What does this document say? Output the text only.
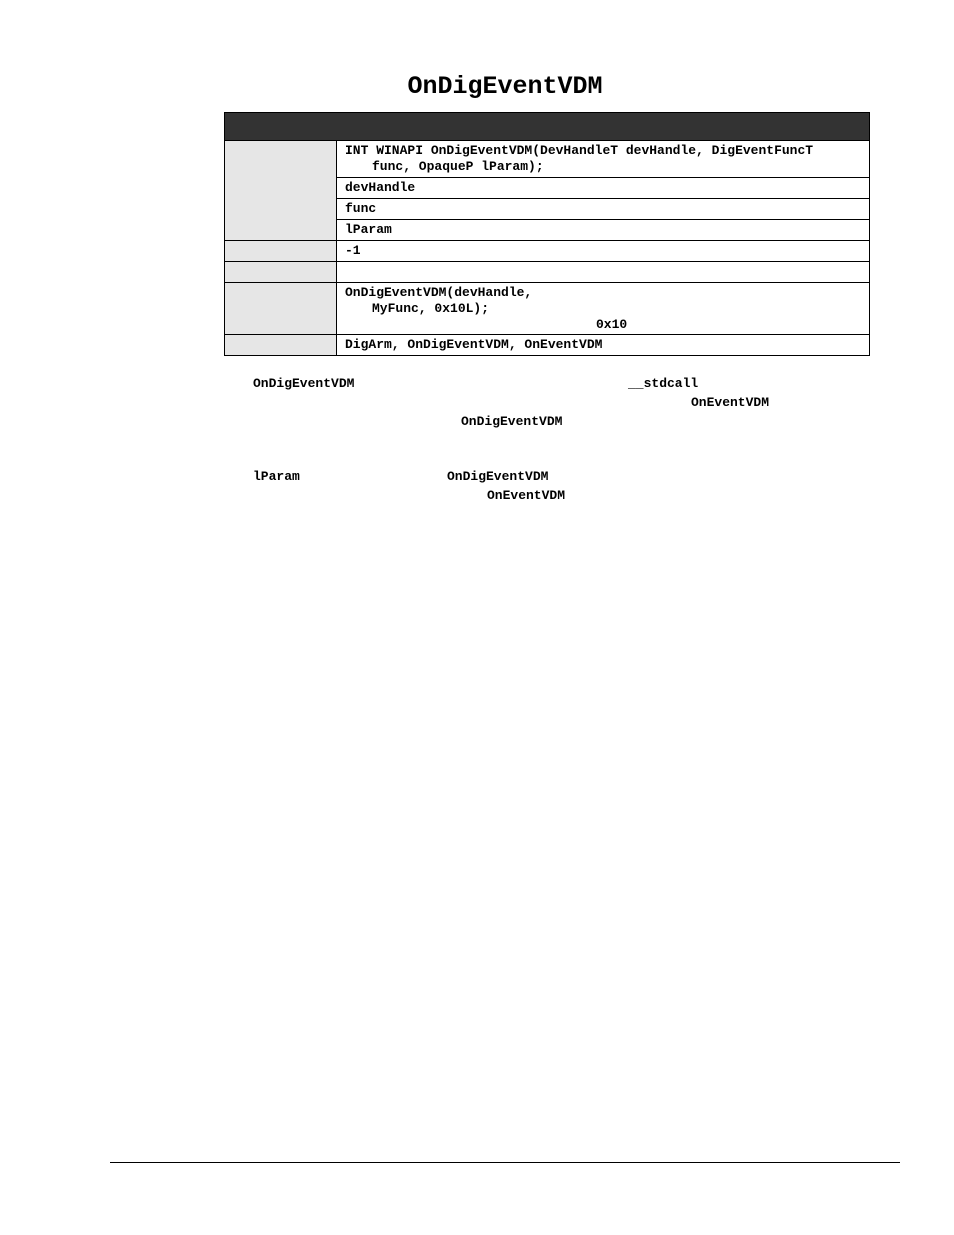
OnDigEventVDM

	INT WINAPI OnDigEventVDM(DevHandleT devHandle, DigEventFuncT
func, OpaqueP lParam);

	devHandle
	func
	lParam
	-1

	OnDigEventVDM(devHandle,
MyFunc, 0x10L);
0x10

	DigArm, OnDigEventVDM, OnEventVDM
OnDigEventVDM	__stdcall
OnEventVDM
OnDigEventVDM
lParam	OnDigEventVDM
OnEventVDM
